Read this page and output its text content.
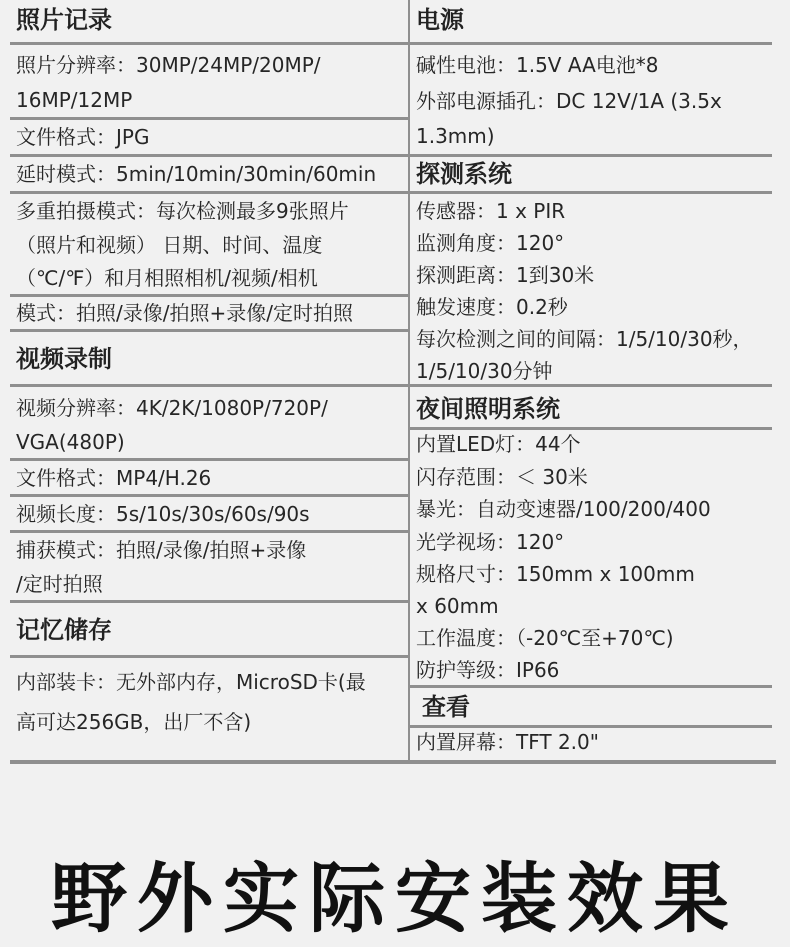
照片记录
照片分辨率：30MP/24MP/20MP/
16MP/12MP
文件格式：JPG
延时模式：5min/10min/30min/60min
多重拍摄模式：每次检测最多9张照片
（照片和视频） 日期、时间、温度
（℃/℉）和月相照相机/视频/相机
模式：拍照/录像/拍照+录像/定时拍照
视频录制
视频分辨率：4K/2K/1080P/720P/
VGA(480P)
文件格式：MP4/H.26
视频长度：5s/10s/30s/60s/90s
捕获模式：拍照/录像/拍照+录像
/定时拍照
记忆储存
内部装卡：无外部内存，MicroSD卡(最
高可达256GB，出厂不含)
电源
碱性电池：1.5V AA电池*8
外部电源插孔：DC 12V/1A (3.5x
1.3mm)
探测系统
传感器：1 x PIR
监测角度：120°
探测距离：1到30米
触发速度：0.2秒
每次检测之间的间隔：1/5/10/30秒，
1/5/10/30分钟
夜间照明系统
内置LED灯：44个
闪存范围：＜ 30米
暴光：自动变速器/100/200/400
光学视场：120°
规格尺寸：150mm x 100mm
x 60mm
工作温度：（-20℃至+70℃)
防护等级：IP66
查看
内置屏幕：TFT 2.0"
野外实际安装效果
